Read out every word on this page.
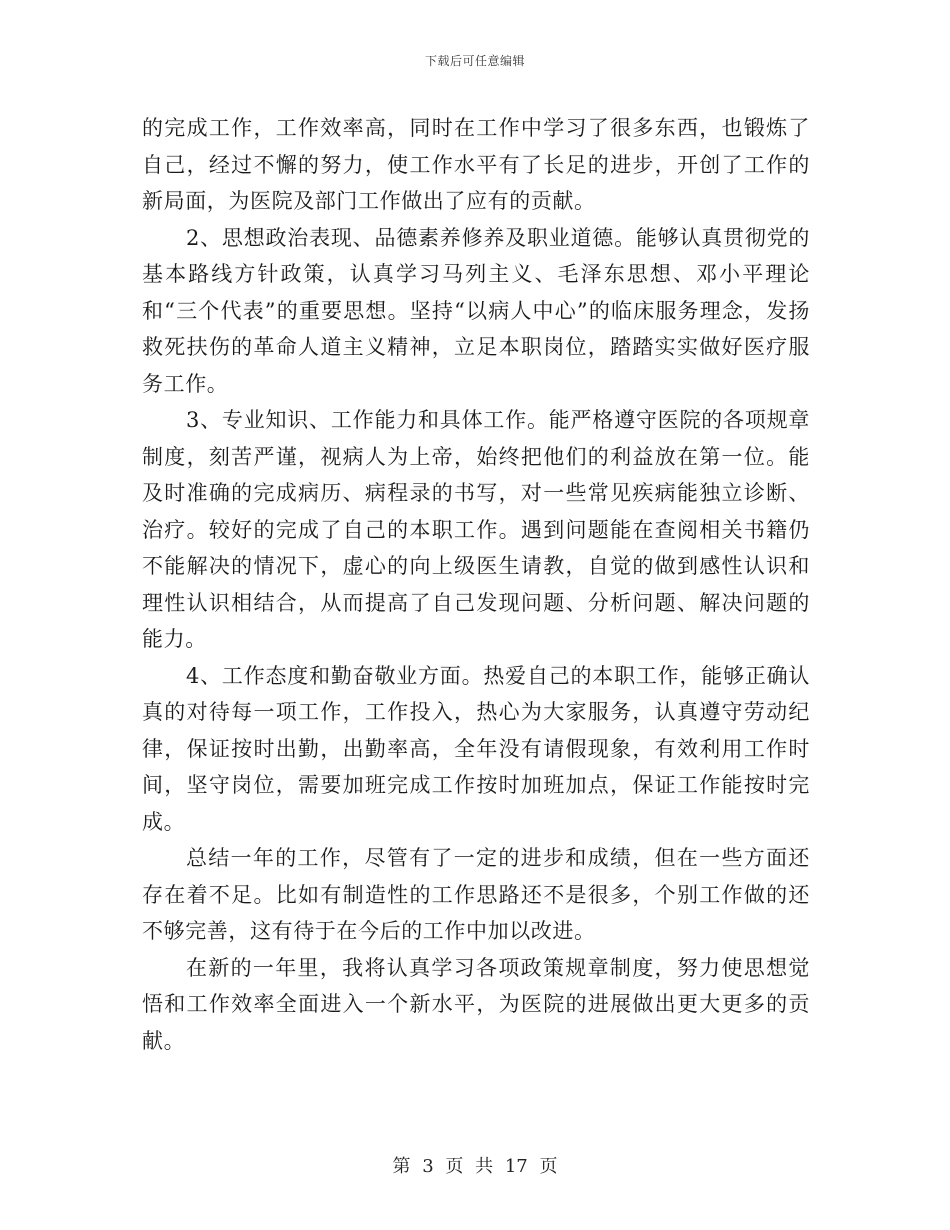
下载后可任意编辑

的完成工作，工作效率高，同时在工作中学习了很多东西，也锻炼了自己，经过不懈的努力，使工作水平有了长足的进步，开创了工作的新局面，为医院及部门工作做出了应有的贡献。

2、思想政治表现、品德素养修养及职业道德。能够认真贯彻党的基本路线方针政策，认真学习马列主义、毛泽东思想、邓小平理论和“三个代表”的重要思想。坚持“以病人中心”的临床服务理念，发扬救死扶伤的革命人道主义精神，立足本职岗位，踏踏实实做好医疗服务工作。

3、专业知识、工作能力和具体工作。能严格遵守医院的各项规章制度，刻苦严谨，视病人为上帝，始终把他们的利益放在第一位。能及时准确的完成病历、病程录的书写，对一些常见疾病能独立诊断、治疗。较好的完成了自己的本职工作。遇到问题能在查阅相关书籍仍不能解决的情况下，虚心的向上级医生请教，自觉的做到感性认识和理性认识相结合，从而提高了自己发现问题、分析问题、解决问题的能力。

4、工作态度和勤奋敬业方面。热爱自己的本职工作，能够正确认真的对待每一项工作，工作投入，热心为大家服务，认真遵守劳动纪律，保证按时出勤，出勤率高，全年没有请假现象，有效利用工作时间，坚守岗位，需要加班完成工作按时加班加点，保证工作能按时完成。

总结一年的工作，尽管有了一定的进步和成绩，但在一些方面还存在着不足。比如有制造性的工作思路还不是很多，个别工作做的还不够完善，这有待于在今后的工作中加以改进。

在新的一年里，我将认真学习各项政策规章制度，努力使思想觉悟和工作效率全面进入一个新水平，为医院的进展做出更大更多的贡献。

第 3 页 共 17 页
